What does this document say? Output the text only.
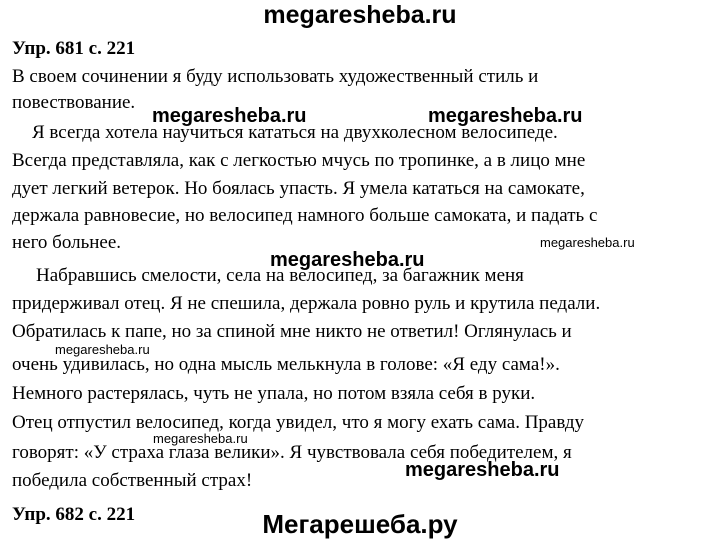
megaresheba.ru
Упр. 681 с. 221
В своем сочинении я буду использовать художественный стиль и
повествование.
Я всегда хотела научиться кататься на двухколесном велосипеде.
Всегда представляла, как с легкостью мчусь по тропинке, а в лицо мне
дует легкий ветерок. Но боялась упасть. Я умела кататься на самокате,
держала равновесие, но велосипед намного больше самоката, и падать с
него больнее.
Набравшись смелости, села на велосипед, за багажник меня
придерживал отец. Я не спешила, держала ровно руль и крутила педали.
Обратилась к папе, но за спиной мне никто не ответил! Оглянулась и
очень удивилась, но одна мысль мелькнула в голове: «Я еду сама!».
Немного растерялась, чуть не упала, но потом взяла себя в руки.
Отец отпустил велосипед, когда увидел, что я могу ехать сама. Правду
говорят: «У страха глаза велики». Я чувствовала себя победителем, я
победила собственный страх!
Упр. 682 с. 221
megaresheba.ru	megaresheba.ru
megaresheba.ru
megaresheba.ru
megaresheba.ru
megaresheba.ru
megaresheba.ru
Мегарешеба.ру
